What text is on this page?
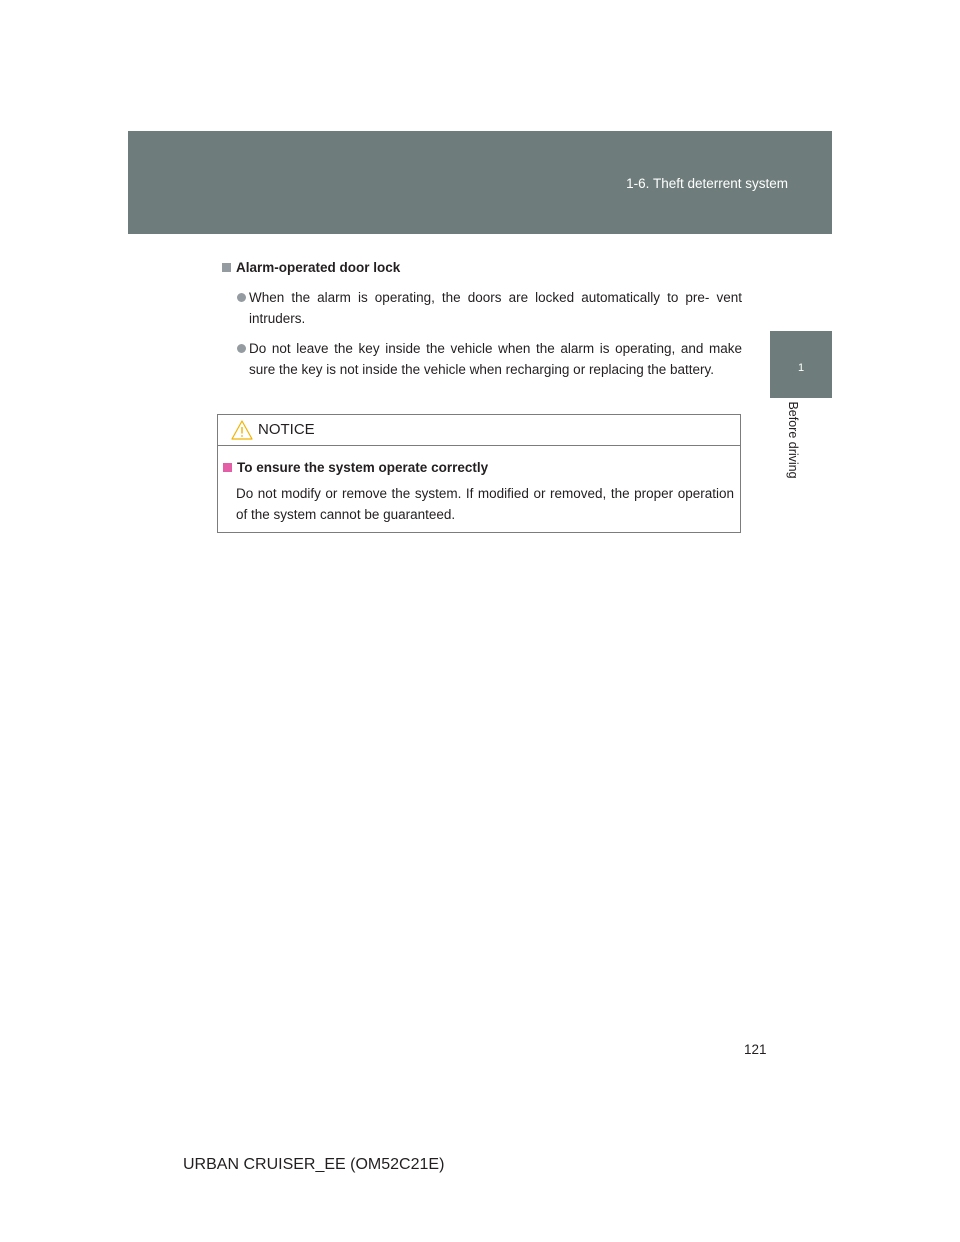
1-6. Theft deterrent system
1
Before driving
Alarm-operated door lock
When the alarm is operating, the doors are locked automatically to pre- vent intruders.
Do not leave the key inside the vehicle when the alarm is operating, and make sure the key is not inside the vehicle when recharging or replacing the battery.
NOTICE
To ensure the system operate correctly
Do not modify or remove the system. If modified or removed, the proper operation of the system cannot be guaranteed.
121
URBAN CRUISER_EE (OM52C21E)
